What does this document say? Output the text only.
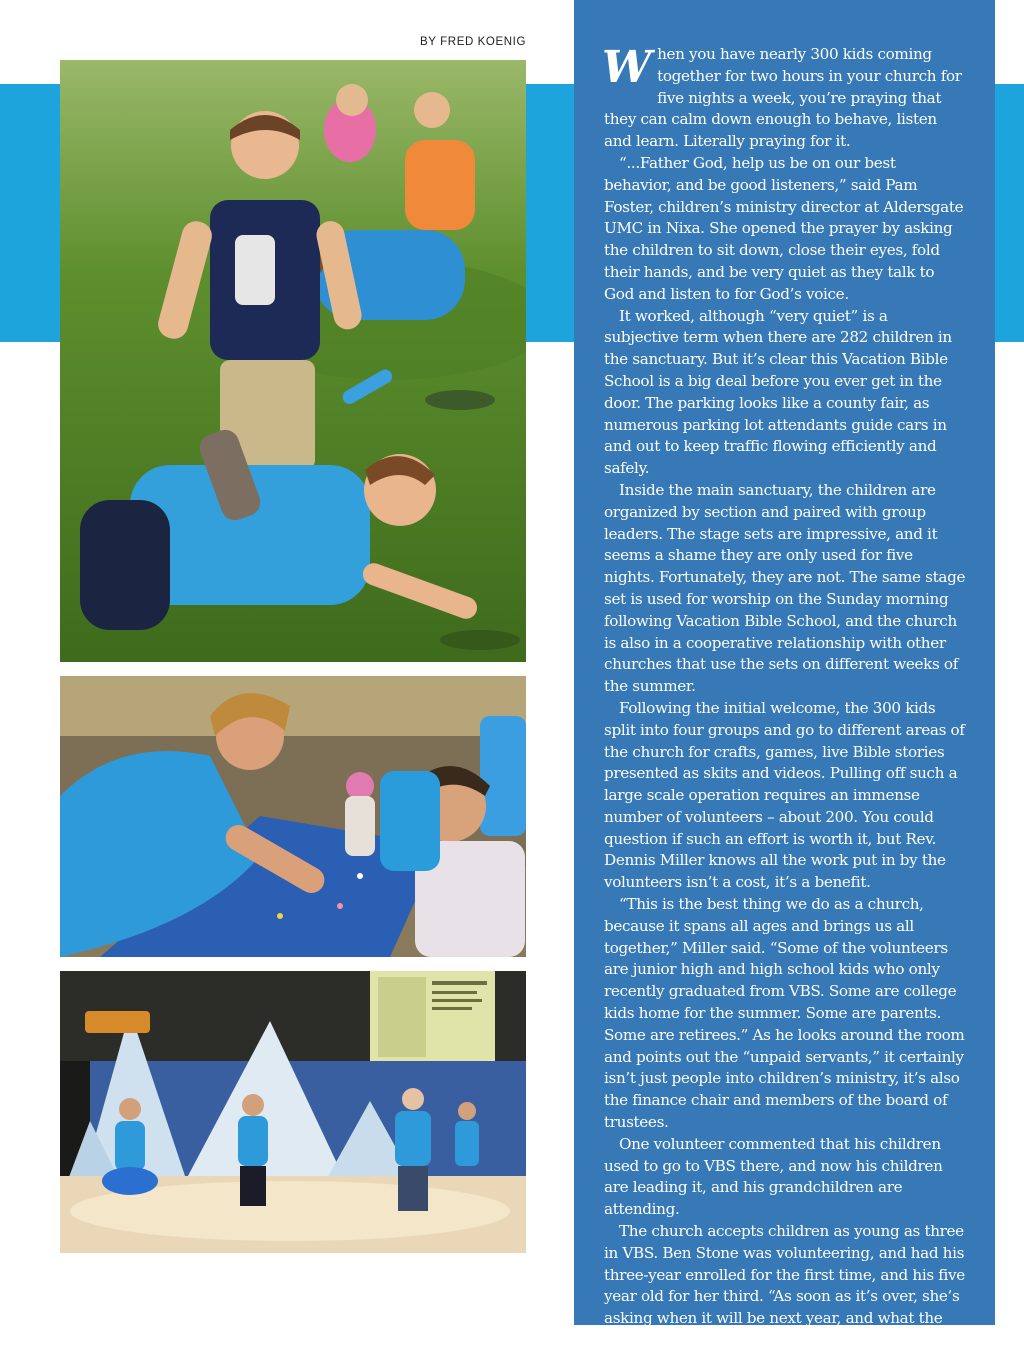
BY FRED KOENIG When you have nearly 300 kids coming together for two hours in your church for five nights a week, you’re praying that they can calm down enough to behave, listen and learn. Literally praying for it.

“...Father God, help us be on our best behavior, and be good listeners,” said Pam Foster, children’s ministry director at Aldersgate UMC in Nixa. She opened the prayer by asking the children to sit down, close their eyes, fold their hands, and be very quiet as they talk to God and listen to for God’s voice.

It worked, although “very quiet” is a subjective term when there are 282 children in the sanctuary. But it’s clear this Vacation Bible School is a big deal before you ever get in the door. The parking looks like a county fair, as numerous parking lot attendants guide cars in and out to keep traffic flowing efficiently and safely.

Inside the main sanctuary, the children are organized by section and paired with group leaders. The stage sets are impressive, and it seems a shame they are only used for five nights. Fortunately, they are not. The same stage set is used for worship on the Sunday morning following Vacation Bible School, and the church is also in a cooperative relationship with other churches that use the sets on different weeks of the summer.

Following the initial welcome, the 300 kids split into four groups and go to different areas of the church for crafts, games, live Bible stories presented as skits and videos. Pulling off such a large scale operation requires an immense number of volunteers – about 200. You could question if such an effort is worth it, but Rev. Dennis Miller knows all the work put in by the volunteers isn’t a cost, it’s a benefit.

“This is the best thing we do as a church, because it spans all ages and brings us all together,” Miller said. “Some of the volunteers are junior high and high school kids who only recently graduated from VBS. Some are college kids home for the summer. Some are parents. Some are retirees.” As he looks around the room and points out the “unpaid servants,” it certainly isn’t just people into children’s ministry, it’s also the finance chair and members of the board of trustees.

One volunteer commented that his children used to go to VBS there, and now his children are leading it, and his grandchildren are attending.

The church accepts children as young as three in VBS. Ben Stone was volunteering, and had his three-year enrolled for the first time, and his five year old for her third. “As soon as it’s over, she’s asking when it will be next year, and what the theme is going to be,” he said.
